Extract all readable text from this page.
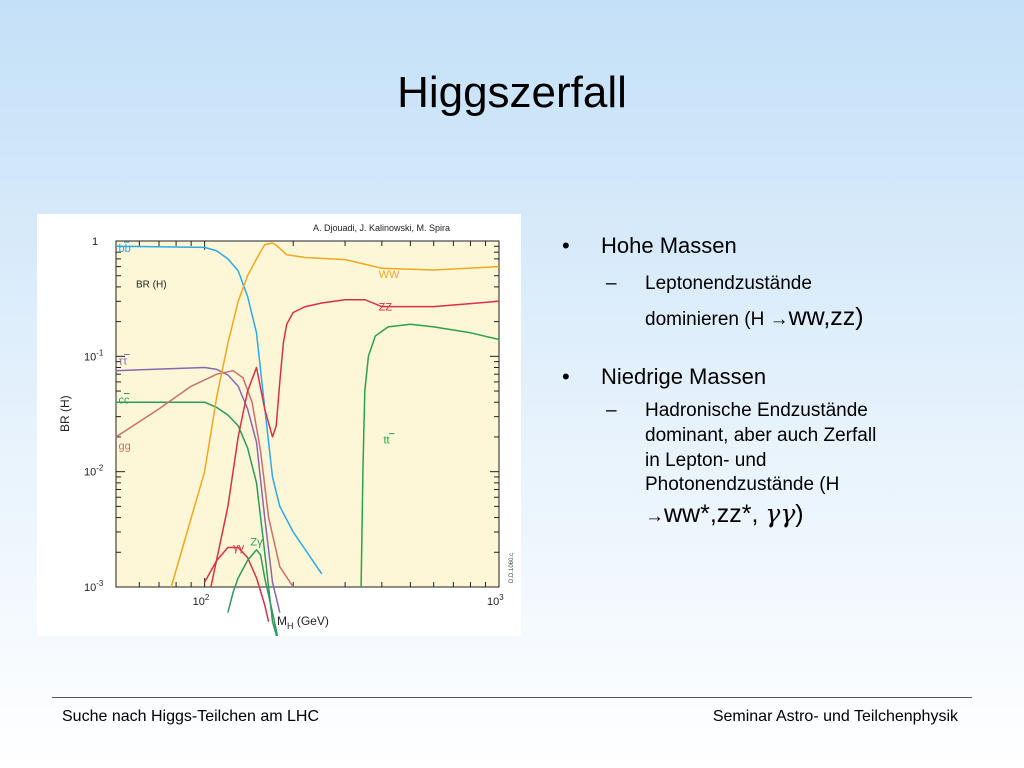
Higgszerfall
1
$10^{-1}$
$10^{-2}$
$10^{-3}$
$10^2$	$10^3$
$M_H$ (GeV)
BR (H)
A. Djouadi, J. Kalinowski, M. Spira
D.D.1060.c
BR (H)
bb
ττ
cc
gg
WW
ZZ
tt
γγ Zγ
•	Hohe Massen
–	Leptonendzustände
dominieren (H →ww,zz)
•	Niedrige Massen
–	Hadronische Endzustände
dominant, aber auch Zerfall
in Lepton- und
Photonendzustände (H
→ww*,zz*, γγ)
Suche nach Higgs-Teilchen am LHC	Seminar Astro- und Teilchenphysik
